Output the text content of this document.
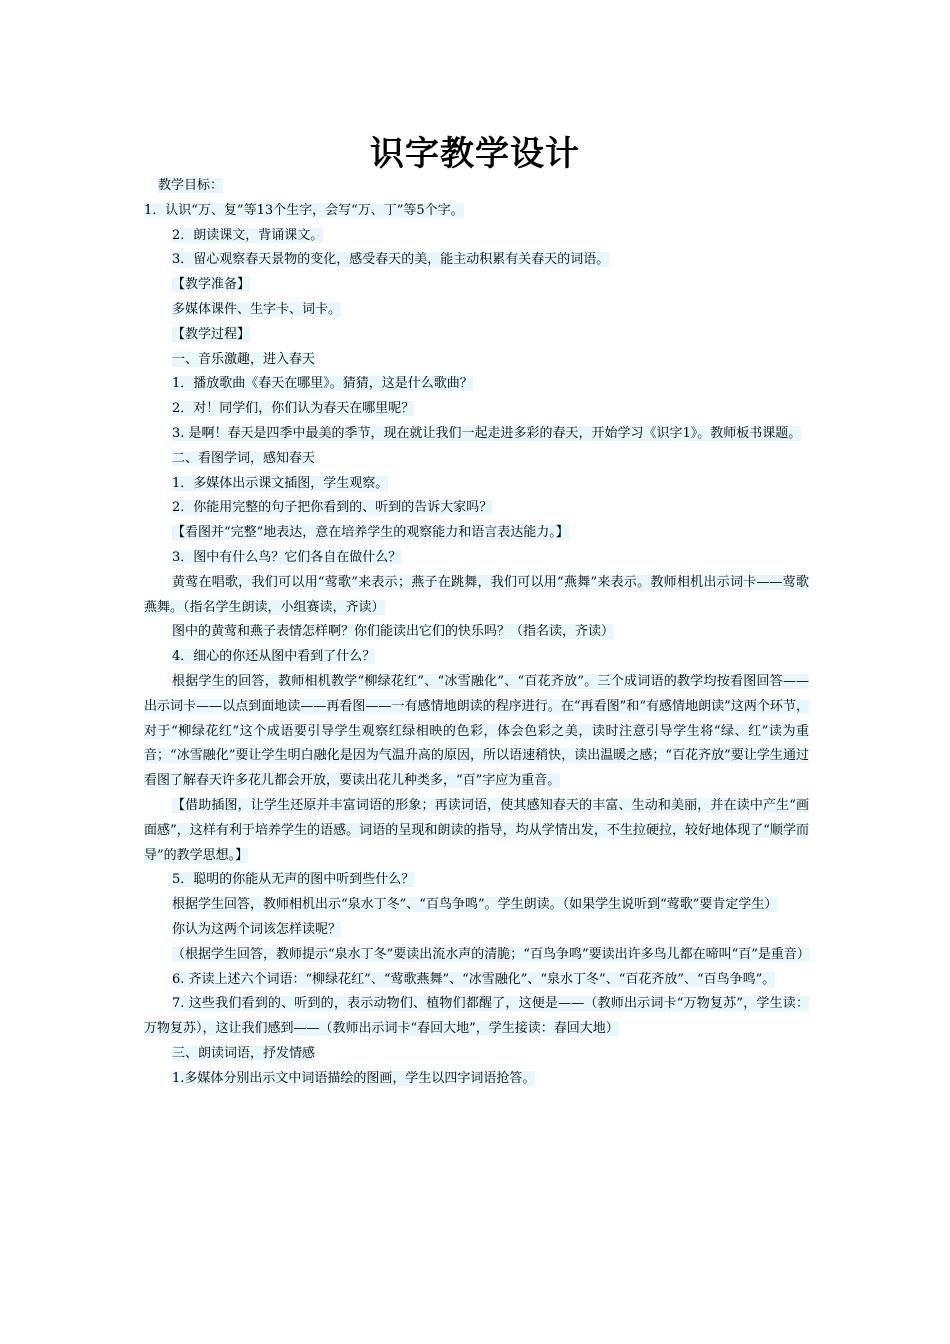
识字教学设计

教学目标：

1．认识“万、复”等13个生字，会写“万、丁”等5个字。

2．朗读课文，背诵课文。

3．留心观察春天景物的变化，感受春天的美，能主动积累有关春天的词语。

【教学准备】

多媒体课件、生字卡、词卡。

【教学过程】

一、音乐激趣，进入春天

1．播放歌曲《春天在哪里》。猜猜，这是什么歌曲？

2．对！同学们，你们认为春天在哪里呢？

3. 是啊！春天是四季中最美的季节，现在就让我们一起走进多彩的春天，开始学习《识字1》。教师板书课题。

二、看图学词，感知春天

1．多媒体出示课文插图，学生观察。

2．你能用完整的句子把你看到的、听到的告诉大家吗？

【看图并“完整”地表达，意在培养学生的观察能力和语言表达能力。】

3．图中有什么鸟？它们各自在做什么？

黄莺在唱歌，我们可以用“莺歌”来表示；燕子在跳舞，我们可以用“燕舞”来表示。教师相机出示词卡——莺歌燕舞。（指名学生朗读，小组赛读，齐读）

图中的黄莺和燕子表情怎样啊？你们能读出它们的快乐吗？（指名读，齐读）

4．细心的你还从图中看到了什么？

根据学生的回答，教师相机教学“柳绿花红”、“冰雪融化”、“百花齐放”。三个成词语的教学均按看图回答——出示词卡——以点到面地读——再看图——一有感情地朗读的程序进行。在“再看图”和“有感情地朗读”这两个环节，对于“柳绿花红”这个成语要引导学生观察红绿相映的色彩，体会色彩之美，读时注意引导学生将“绿、红”读为重音；“冰雪融化”要让学生明白融化是因为气温升高的原因，所以语速稍快，读出温暖之感；“百花齐放”要让学生通过看图了解春天许多花儿都会开放，要读出花儿种类多，“百”字应为重音。

【借助插图，让学生还原并丰富词语的形象；再读词语，使其感知春天的丰富、生动和美丽，并在读中产生“画面感”，这样有利于培养学生的语感。词语的呈现和朗读的指导，均从学情出发，不生拉硬拉，较好地体现了“顺学而导”的教学思想。】

5．聪明的你能从无声的图中听到些什么？

根据学生回答，教师相机出示“泉水丁冬”、“百鸟争鸣”。学生朗读。（如果学生说听到“莺歌”要肯定学生）

你认为这两个词该怎样读呢？

（根据学生回答，教师提示“泉水丁冬”要读出流水声的清脆；“百鸟争鸣”要读出许多鸟儿都在啼叫“百”是重音）

6. 齐读上述六个词语：“柳绿花红”、“莺歌燕舞”、“冰雪融化”、“泉水丁冬”、“百花齐放”、“百鸟争鸣”。

7. 这些我们看到的、听到的，表示动物们、植物们都醒了，这便是——（教师出示词卡“万物复苏”，学生读：万物复苏），这让我们感到——（教师出示词卡“春回大地”，学生接读：春回大地）

三、朗读词语，抒发情感

1.多媒体分别出示文中词语描绘的图画，学生以四字词语抢答。
